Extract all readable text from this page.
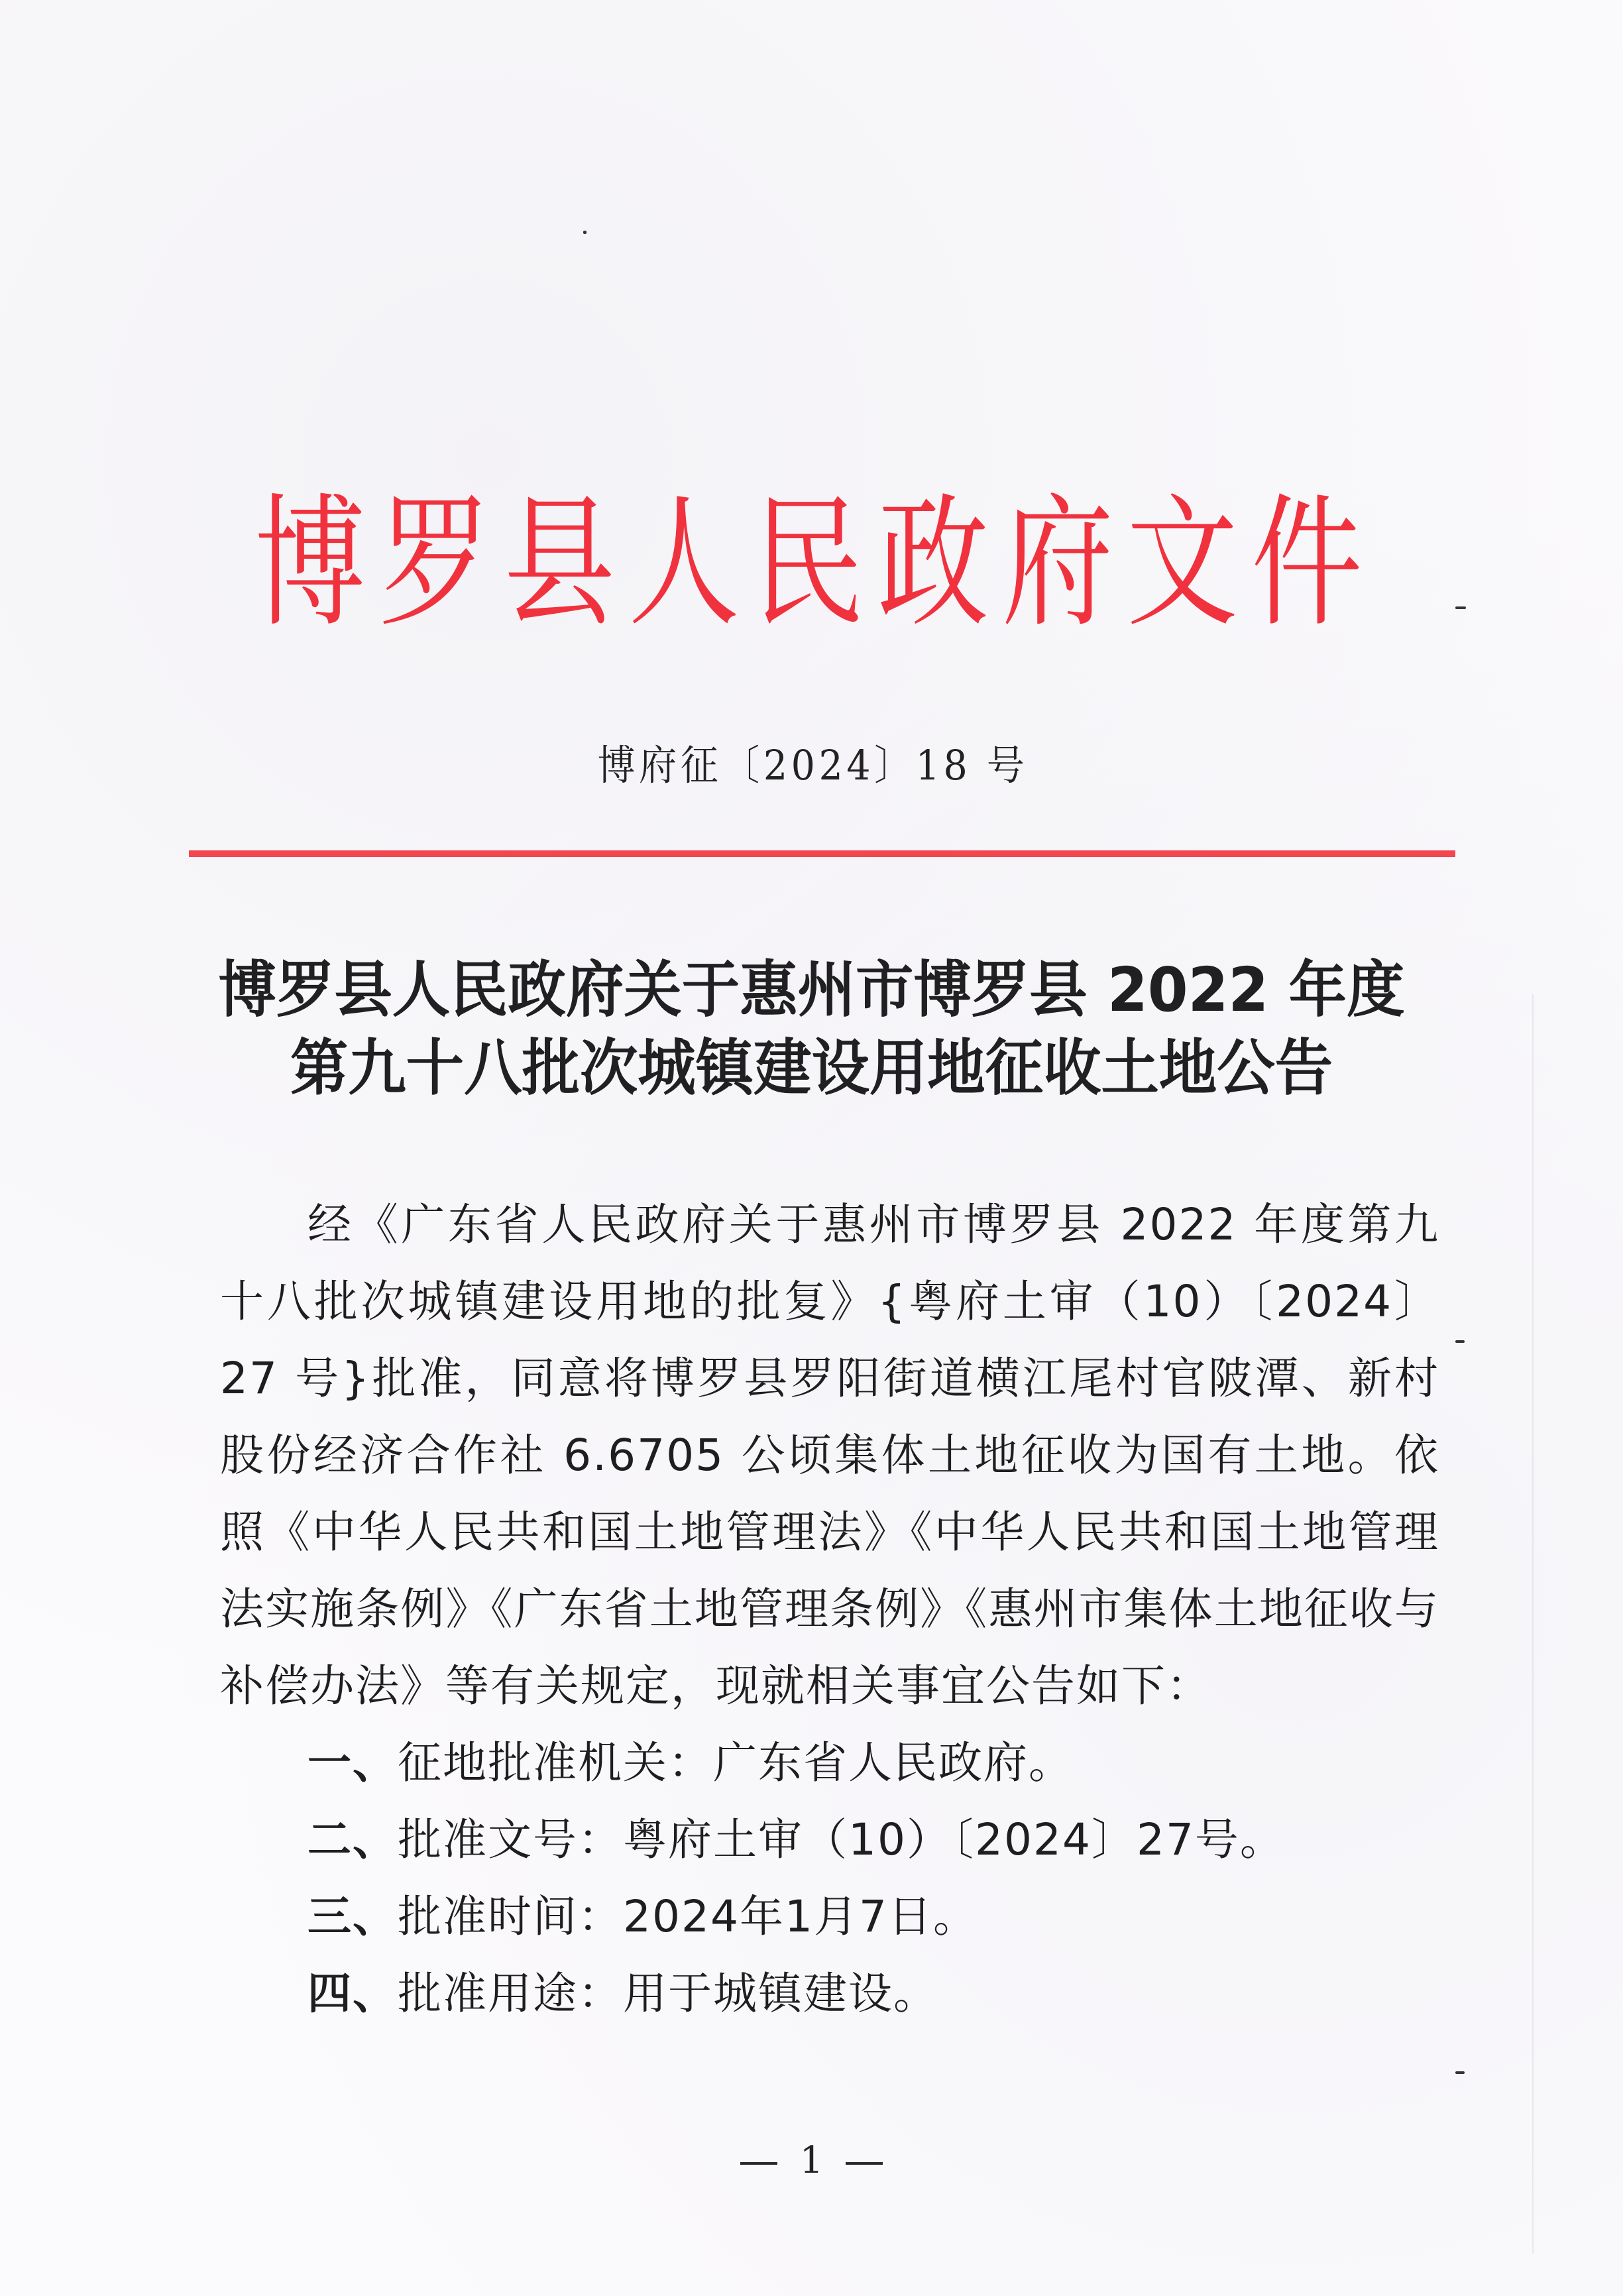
博罗县人民政府文件
博府征〔2024〕18 号
博罗县人民政府关于惠州市博罗县 2022 年度
第九十八批次城镇建设用地征收土地公告

经《广东省人民政府关于惠州市博罗县 2022 年度第九十八批次城镇建设用地的批复》{粤府土审（10）〔2024〕27 号}批准，同意将博罗县罗阳街道横江尾村官陂潭、新村股份经济合作社 6.6705 公顷集体土地征收为国有土地。依照《中华人民共和国土地管理法》《中华人民共和国土地管理法实施条例》《广东省土地管理条例》《惠州市集体土地征收与补偿办法》等有关规定，现就相关事宜公告如下：

一、征地批准机关：广东省人民政府。

二、批准文号：粤府土审（10）〔2024〕27号。

三、批准时间：2024年1月7日。

四、批准用途：用于城镇建设。

1
